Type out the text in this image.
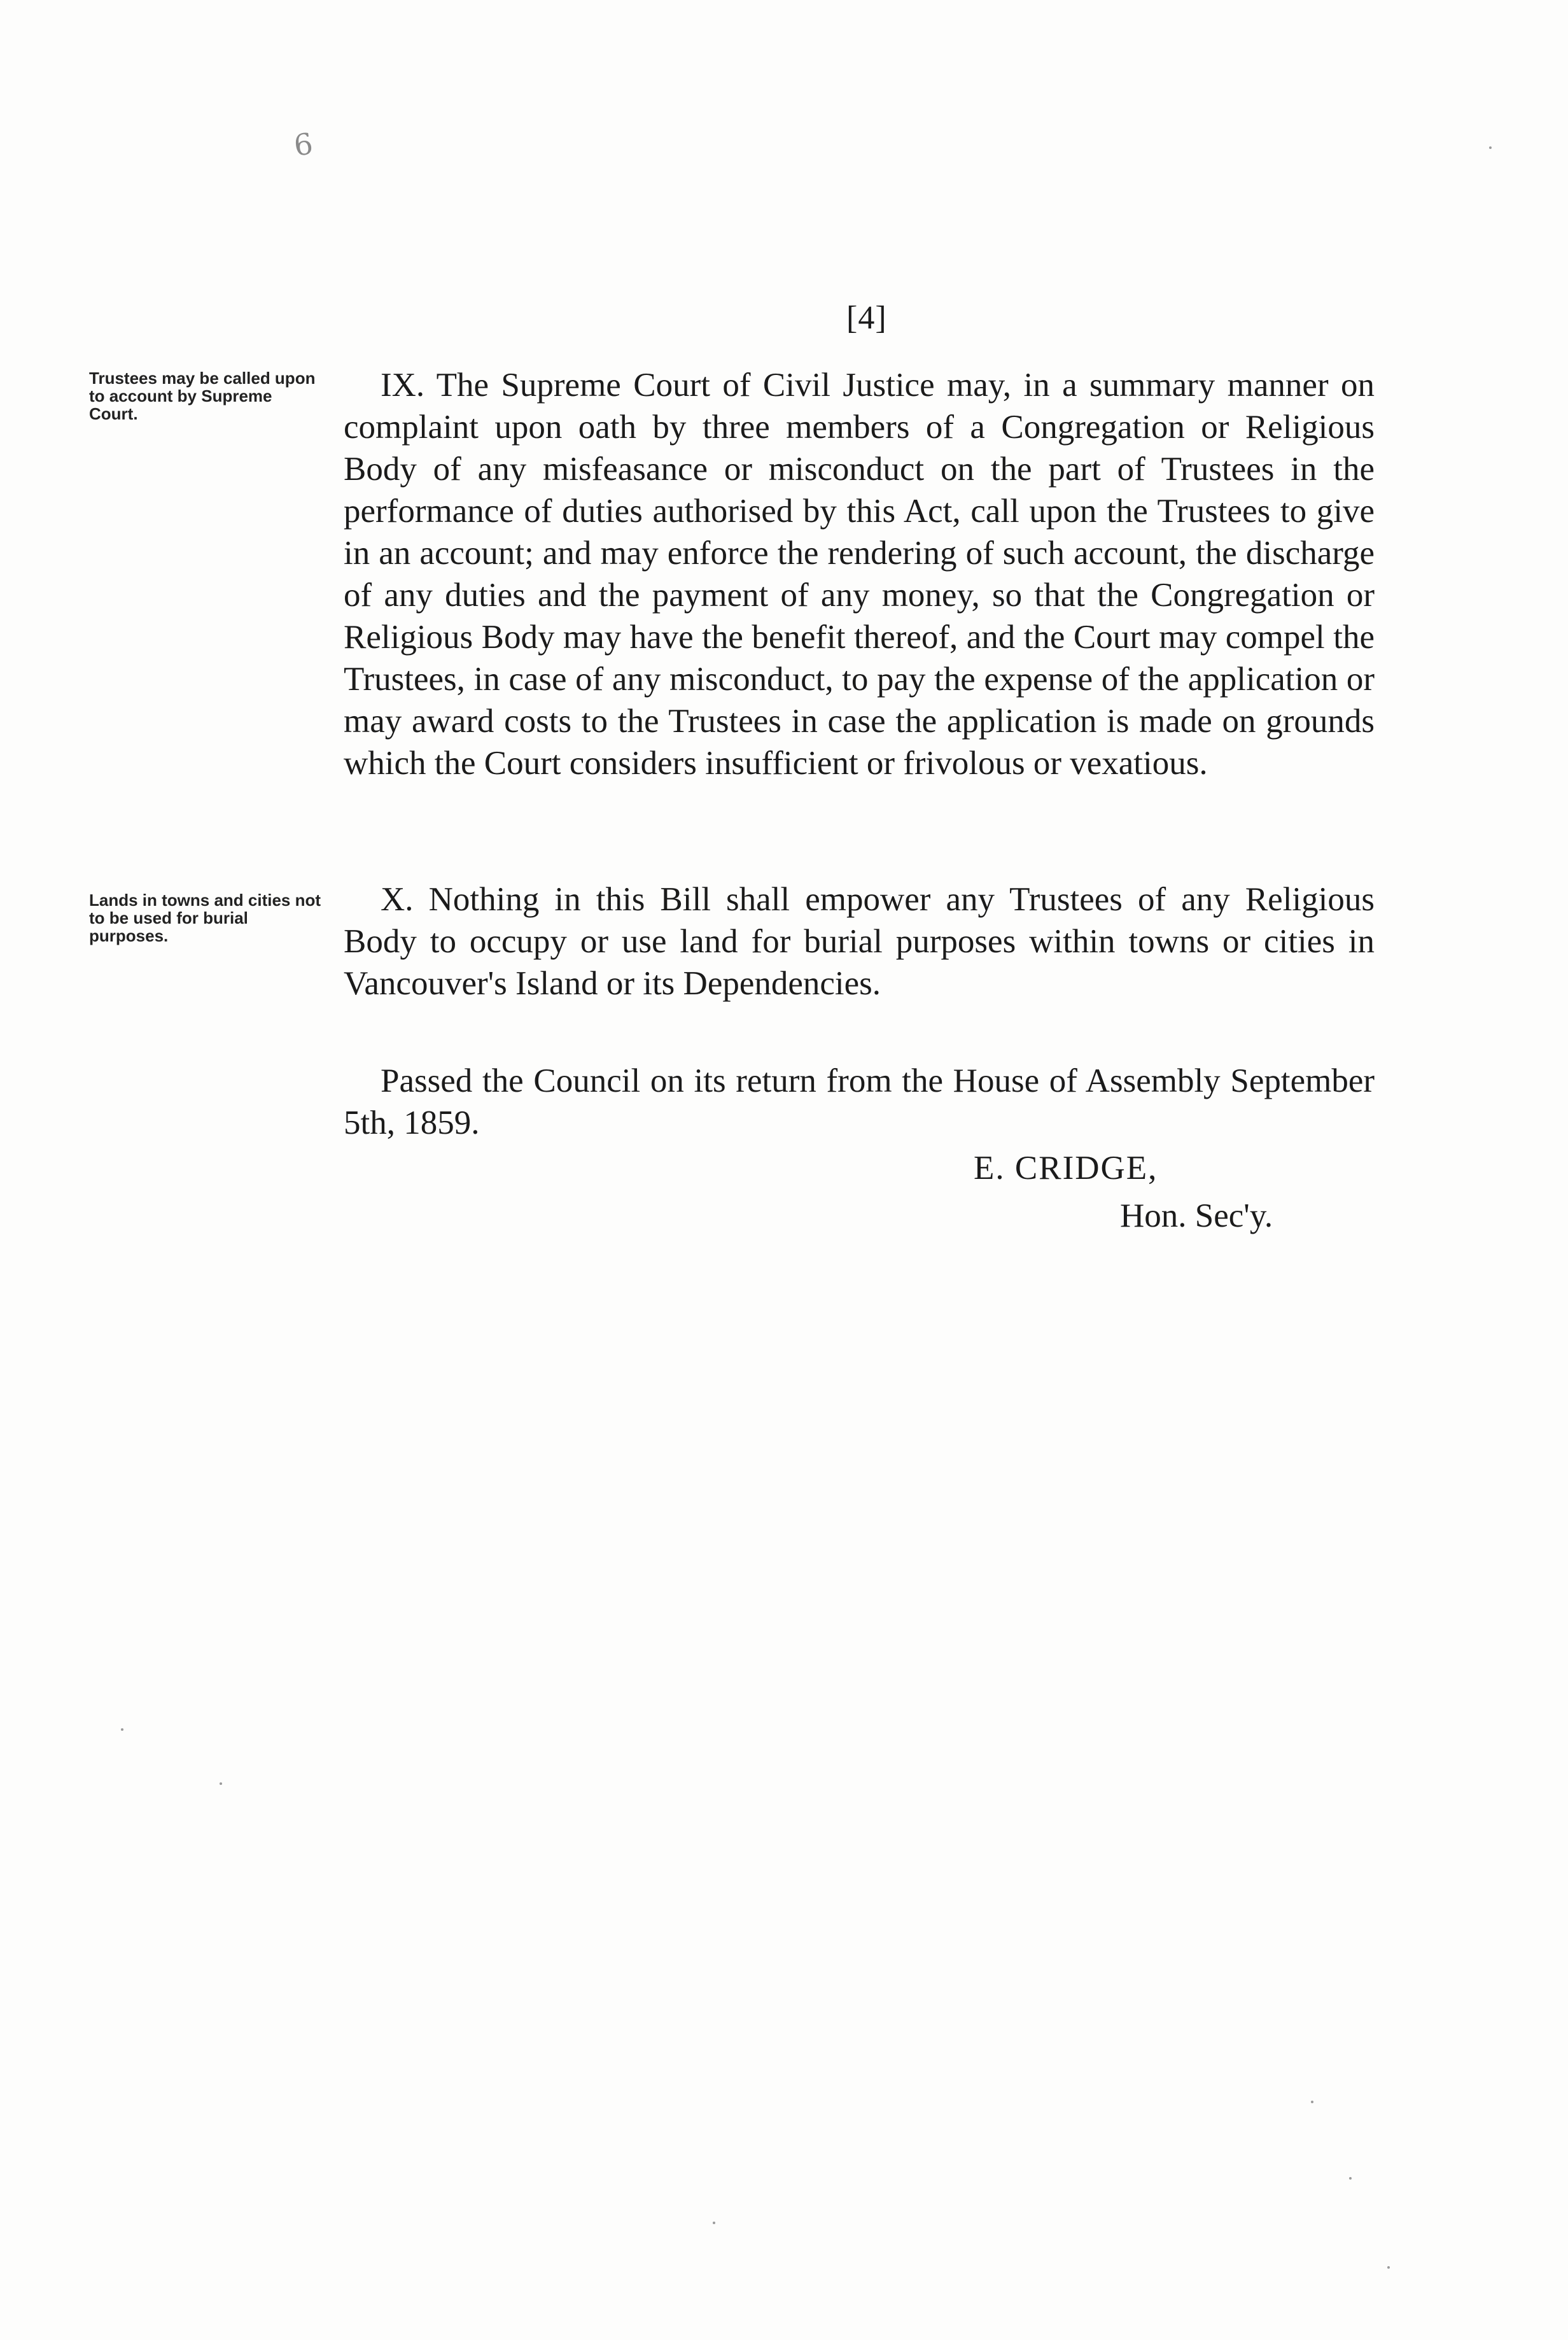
6
[4]
Trustees may be called upon to account by Supreme Court.

IX. The Supreme Court of Civil Justice may, in a summary manner on complaint upon oath by three members of a Congregation or Religious Body of any misfeasance or misconduct on the part of Trustees in the performance of duties authorised by this Act, call upon the Trustees to give in an account; and may enforce the rendering of such account, the discharge of any duties and the payment of any money, so that the Congregation or Religious Body may have the benefit thereof, and the Court may compel the Trustees, in case of any misconduct, to pay the expense of the application or may award costs to the Trustees in case the application is made on grounds which the Court considers insufficient or frivolous or vexatious.

Lands in towns and cities not to be used for burial purposes.

X. Nothing in this Bill shall empower any Trustees of any Religious Body to occupy or use land for burial purposes within towns or cities in Vancouver's Island or its Dependencies.

Passed the Council on its return from the House of Assembly September 5th, 1859.

E. CRIDGE,
Hon. Sec'y.
